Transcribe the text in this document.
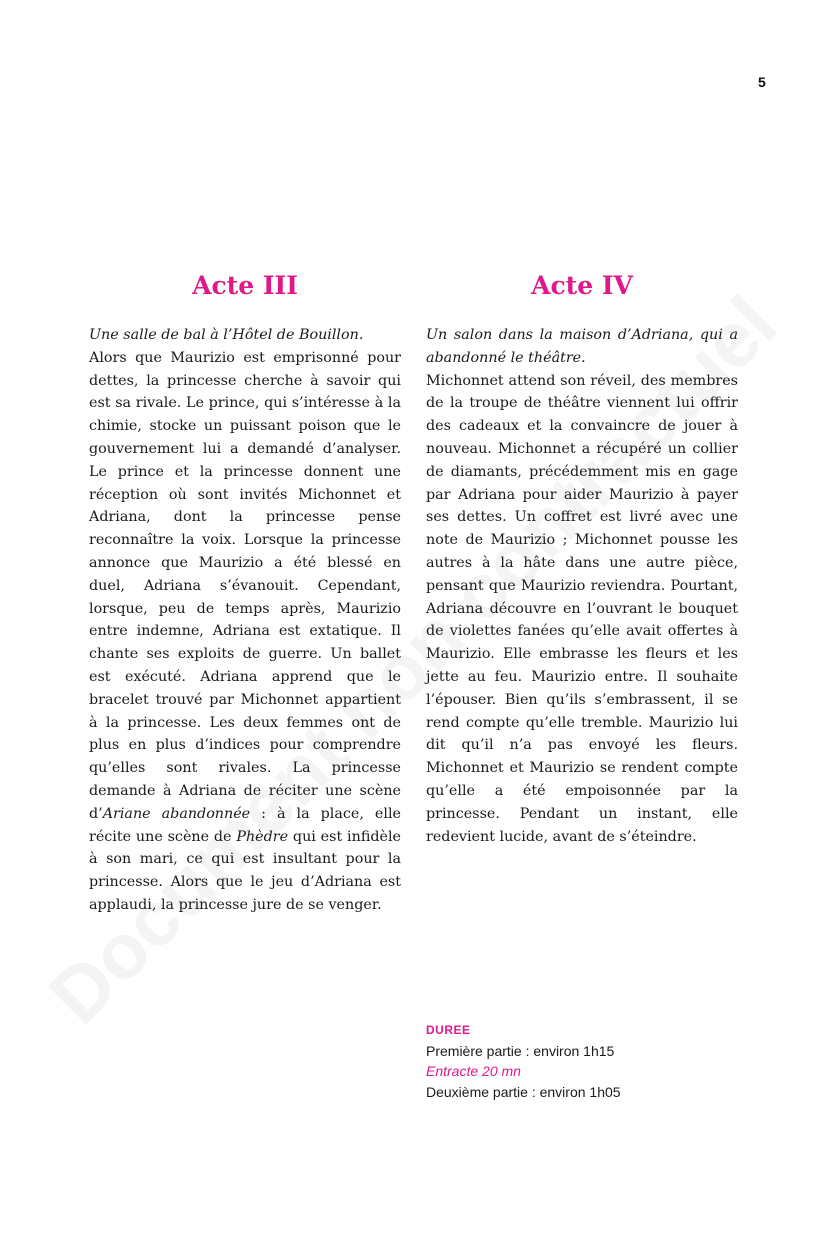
5
Acte III

Une salle de bal à l’Hôtel de Bouillon.

Alors que Maurizio est emprisonné pour dettes, la princesse cherche à savoir qui est sa rivale. Le prince, qui s’intéresse à la chimie, stocke un puissant poison que le gouvernement lui a demandé d’analyser. Le prince et la princesse donnent une réception où sont invités Michonnet et Adriana, dont la princesse pense reconnaître la voix. Lorsque la princesse annonce que Maurizio a été blessé en duel, Adriana s’évanouit. Cependant, lorsque, peu de temps après, Maurizio entre indemne, Adriana est extatique. Il chante ses exploits de guerre. Un ballet est exécuté. Adriana apprend que le bracelet trouvé par Michonnet appartient à la princesse. Les deux femmes ont de plus en plus d’indices pour comprendre qu’elles sont rivales. La princesse demande à Adriana de réciter une scène d’Ariane abandonnée : à la place, elle récite une scène de Phèdre qui est infidèle à son mari, ce qui est insultant pour la princesse. Alors que le jeu d’Adriana est applaudi, la princesse jure de se venger.

Acte IV

Un salon dans la maison d’Adriana, qui a abandonné le théâtre.

Michonnet attend son réveil, des membres de la troupe de théâtre viennent lui offrir des cadeaux et la convaincre de jouer à nouveau. Michonnet a récupéré un collier de diamants, précédemment mis en gage par Adriana pour aider Maurizio à payer ses dettes. Un coffret est livré avec une note de Maurizio ; Michonnet pousse les autres à la hâte dans une autre pièce, pensant que Maurizio reviendra. Pourtant, Adriana découvre en l’ouvrant le bouquet de violettes fanées qu’elle avait offertes à Maurizio. Elle embrasse les fleurs et les jette au feu. Maurizio entre. Il souhaite l’épouser. Bien qu’ils s’embrassent, il se rend compte qu’elle tremble. Maurizio lui dit qu’il n’a pas envoyé les fleurs. Michonnet et Maurizio se rendent compte qu’elle a été empoisonnée par la princesse. Pendant un instant, elle redevient lucide, avant de s’éteindre.

DUREE
Première partie : environ 1h15
Entracte 20 mn
Deuxième partie : environ 1h05
